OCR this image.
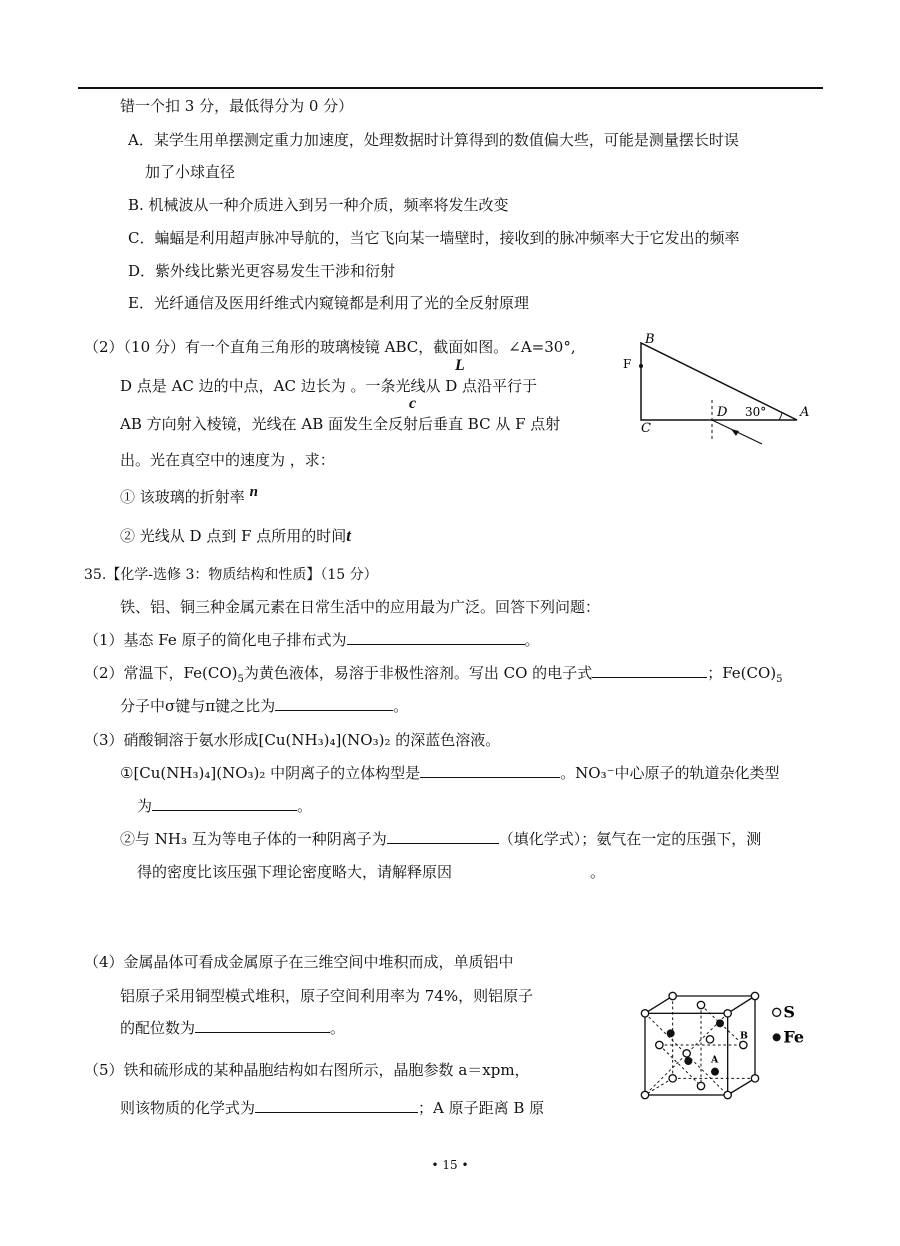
错一个扣 3 分，最低得分为 0 分）
A．某学生用单摆测定重力加速度，处理数据时计算得到的数值偏大些，可能是测量摆长时误
加了小球直径
B. 机械波从一种介质进入到另一种介质，频率将发生改变
C．蝙蝠是利用超声脉冲导航的，当它飞向某一墙壁时，接收到的脉冲频率大于它发出的频率
D．紫外线比紫光更容易发生干涉和衍射
E．光纤通信及医用纤维式内窥镜都是利用了光的全反射原理
（2）（10 分）有一个直角三角形的玻璃棱镜 ABC，截面如图。∠A=30°,
L
D 点是 AC 边的中点，AC 边长为 。一条光线从 D 点沿平行于
c
AB 方向射入棱镜，光线在 AB 面发生全反射后垂直 BC 从 F 点射
出。光在真空中的速度为 ，求：
① 该玻璃的折射率 n
② 光线从 D 点到 F 点所用的时间t
B
F
C
D 30°	A
35.【化学-选修 3：物质结构和性质】（15 分）
铁、铝、铜三种金属元素在日常生活中的应用最为广泛。回答下列问题：
（1）基态 Fe 原子的简化电子排布式为	。
（2）常温下，$Fe(CO)_5$为黄色液体，易溶于非极性溶剂。写出 CO 的电子式	；$Fe(CO)_5$
分子中σ键与π键之比为	。
（3）硝酸铜溶于氨水形成[Cu(NH₃)₄](NO₃)₂ 的深蓝色溶液。
①[Cu(NH₃)₄](NO₃)₂ 中阴离子的立体构型是	。NO₃⁻中心原子的轨道杂化类型
为	。
②与 NH₃ 互为等电子体的一种阴离子为	（填化学式）；氨气在一定的压强下，测
得的密度比该压强下理论密度略大，请解释原因	。
（4）金属晶体可看成金属原子在三维空间中堆积而成，单质铝中
铝原子采用铜型模式堆积，原子空间利用率为 74%，则铝原子
的配位数为	。
（5）铁和硫形成的某种晶胞结构如右图所示，晶胞参数 a＝xpm，
则该物质的化学式为	；A 原子距离 B 原
A
B
S
Fe
• 15 •
